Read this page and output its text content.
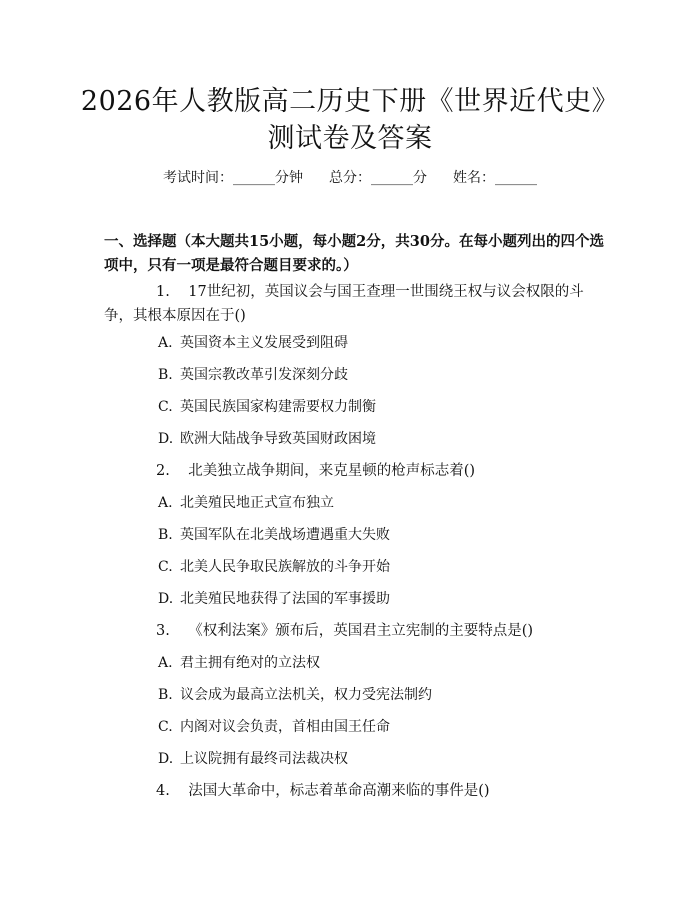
2026年人教版高二历史下册《世界近代史》
测试卷及答案
考试时间：______分钟 总分：______分 姓名：______
一、选择题（本大题共15小题，每小题2分，共30分。在每小题列出的四个选项中，只有一项是最符合题目要求的。）
1. 17世纪初，英国议会与国王查理一世围绕王权与议会权限的斗争，其根本原因在于()
A. 英国资本主义发展受到阻碍
B. 英国宗教改革引发深刻分歧
C. 英国民族国家构建需要权力制衡
D. 欧洲大陆战争导致英国财政困境
2. 北美独立战争期间，来克星顿的枪声标志着()
A. 北美殖民地正式宣布独立
B. 英国军队在北美战场遭遇重大失败
C. 北美人民争取民族解放的斗争开始
D. 北美殖民地获得了法国的军事援助
3. 《权利法案》颁布后，英国君主立宪制的主要特点是()
A. 君主拥有绝对的立法权
B. 议会成为最高立法机关，权力受宪法制约
C. 内阁对议会负责，首相由国王任命
D. 上议院拥有最终司法裁决权
4. 法国大革命中，标志着革命高潮来临的事件是()
